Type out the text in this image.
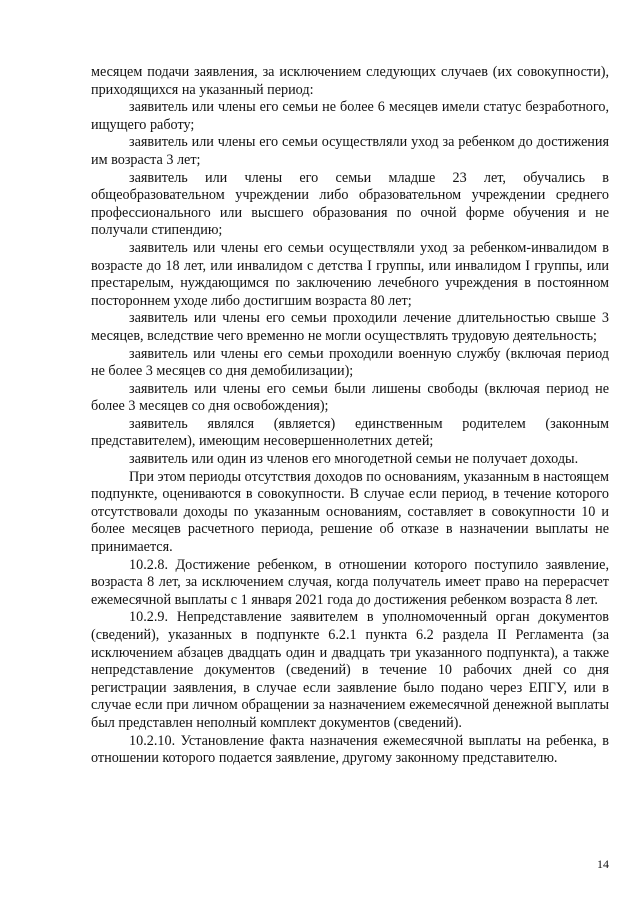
месяцем подачи заявления, за исключением следующих случаев (их совокупности), приходящихся на указанный период:

заявитель или члены его семьи не более 6 месяцев имели статус безработного, ищущего работу;

заявитель или члены его семьи осуществляли уход за ребенком до достижения им возраста 3 лет;

заявитель или члены его семьи младше 23 лет, обучались в общеобразовательном учреждении либо образовательном учреждении среднего профессионального или высшего образования по очной форме обучения и не получали стипендию;

заявитель или члены его семьи осуществляли уход за ребенком-инвалидом в возрасте до 18 лет, или инвалидом с детства I группы, или инвалидом I группы, или престарелым, нуждающимся по заключению лечебного учреждения в постоянном постороннем уходе либо достигшим возраста 80 лет;

заявитель или члены его семьи проходили лечение длительностью свыше 3 месяцев, вследствие чего временно не могли осуществлять трудовую деятельность;

заявитель или члены его семьи проходили военную службу (включая период не более 3 месяцев со дня демобилизации);

заявитель или члены его семьи были лишены свободы (включая период не более 3 месяцев со дня освобождения);

заявитель являлся (является) единственным родителем (законным представителем), имеющим несовершеннолетних детей;

заявитель или один из членов его многодетной семьи не получает доходы.

При этом периоды отсутствия доходов по основаниям, указанным в настоящем подпункте, оцениваются в совокупности. В случае если период, в течение которого отсутствовали доходы по указанным основаниям, составляет в совокупности 10 и более месяцев расчетного периода, решение об отказе в назначении выплаты не принимается.

10.2.8. Достижение ребенком, в отношении которого поступило заявление, возраста 8 лет, за исключением случая, когда получатель имеет право на перерасчет ежемесячной выплаты с 1 января 2021 года до достижения ребенком возраста 8 лет.

10.2.9. Непредставление заявителем в уполномоченный орган документов (сведений), указанных в подпункте 6.2.1 пункта 6.2 раздела II Регламента (за исключением абзацев двадцать один и двадцать три указанного подпункта), а также непредставление документов (сведений) в течение 10 рабочих дней со дня регистрации заявления, в случае если заявление было подано через ЕПГУ, или в случае если при личном обращении за назначением ежемесячной денежной выплаты был представлен неполный комплект документов (сведений).

10.2.10. Установление факта назначения ежемесячной выплаты на ребенка, в отношении которого подается заявление, другому законному представителю.

14
